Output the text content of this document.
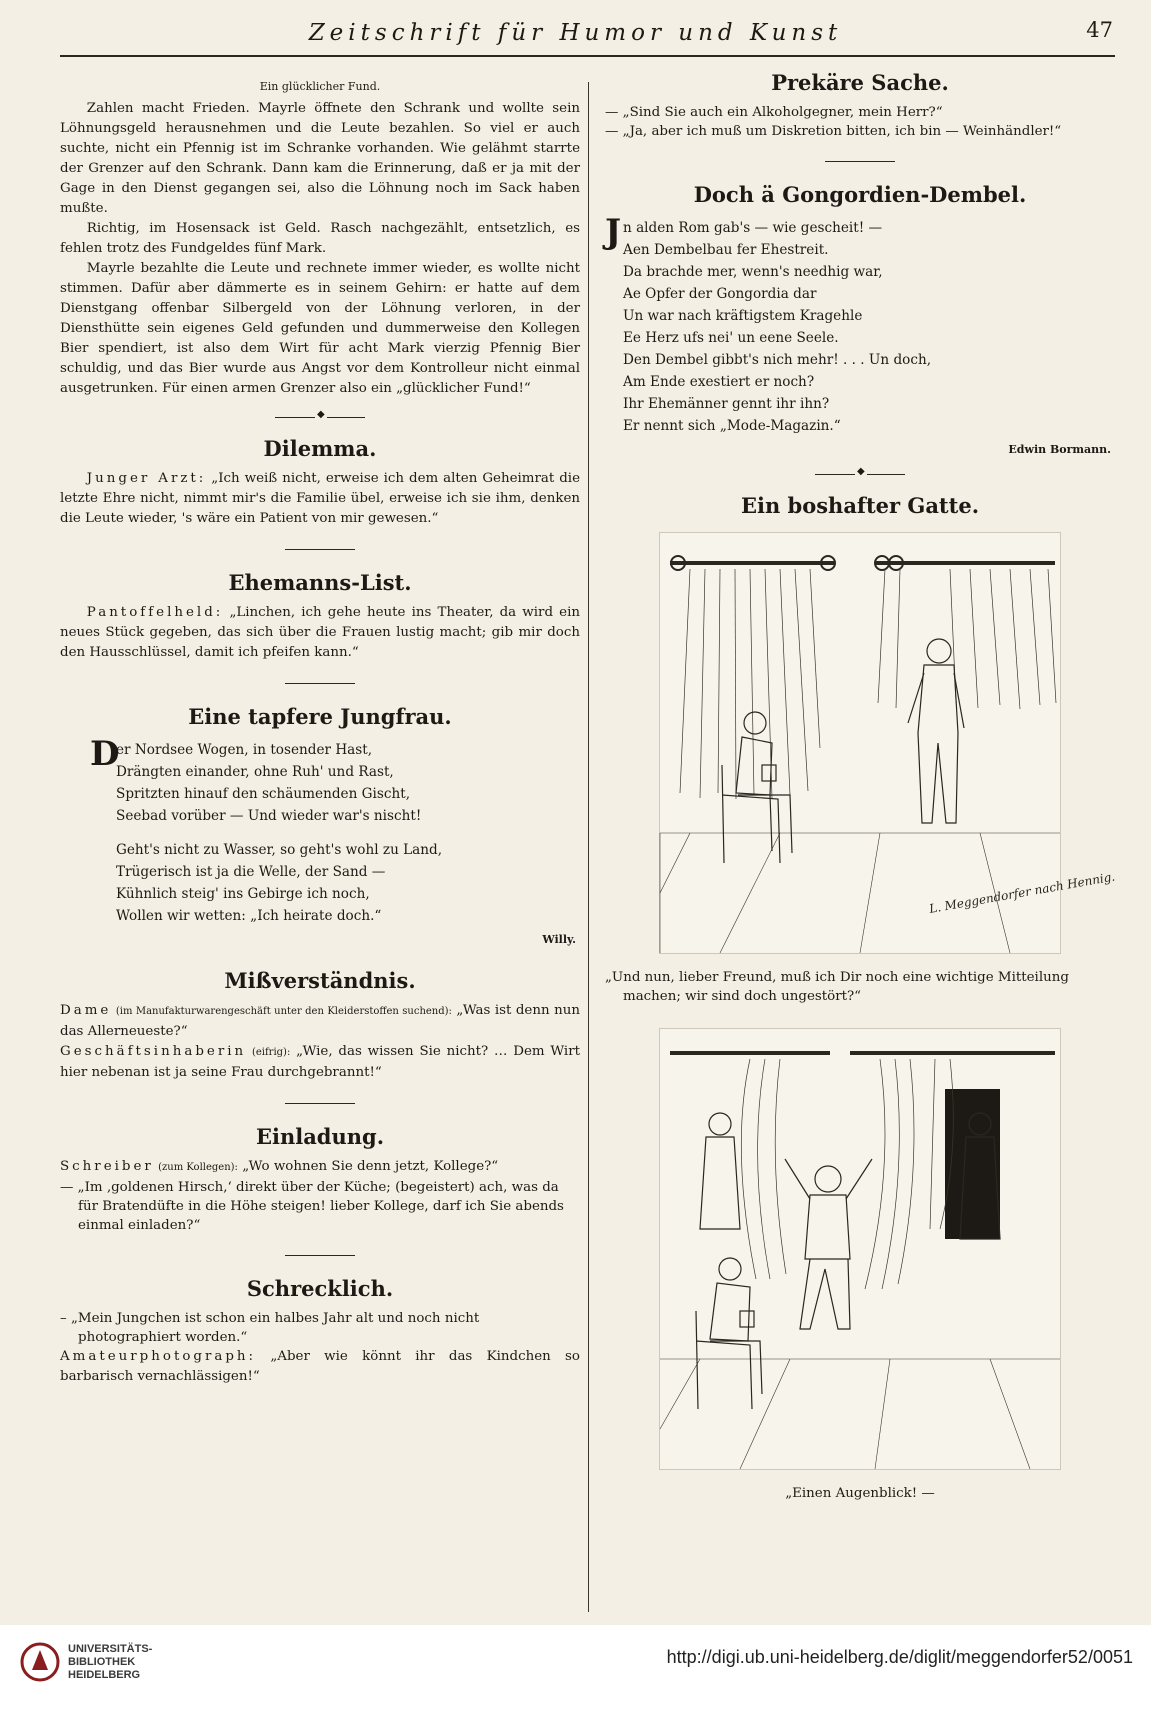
Zeitschrift für Humor und Kunst	47
Ein glücklicher Fund.

Zahlen macht Frieden. Mayrle öffnete den Schrank und wollte sein Löhnungsgeld herausnehmen und die Leute bezahlen. So viel er auch suchte, nicht ein Pfennig ist im Schranke vorhanden. Wie gelähmt starrte der Grenzer auf den Schrank. Dann kam die Erinnerung, daß er ja mit der Gage in den Dienst gegangen sei, also die Löhnung noch im Sack haben mußte.

Richtig, im Hosensack ist Geld. Rasch nachgezählt, entsetzlich, es fehlen trotz des Fundgeldes fünf Mark.

Mayrle bezahlte die Leute und rechnete immer wieder, es wollte nicht stimmen. Dafür aber dämmerte es in seinem Gehirn: er hatte auf dem Dienstgang offenbar Silbergeld von der Löhnung verloren, in der Diensthütte sein eigenes Geld gefunden und dummerweise den Kollegen Bier spendiert, ist also dem Wirt für acht Mark vierzig Pfennig Bier schuldig, und das Bier wurde aus Angst vor dem Kontrolleur nicht einmal ausgetrunken. Für einen armen Grenzer also ein „glücklicher Fund!“

◆
Dilemma.

Junger Arzt: „Ich weiß nicht, erweise ich dem alten Geheimrat die letzte Ehre nicht, nimmt mir's die Familie übel, erweise ich sie ihm, denken die Leute wieder, 's wäre ein Patient von mir gewesen.“

Ehemanns-List.

Pantoffelheld: „Linchen, ich gehe heute ins Theater, da wird ein neues Stück gegeben, das sich über die Frauen lustig macht; gib mir doch den Hausschlüssel, damit ich pfeifen kann.“

Eine tapfere Jungfrau.
D
er Nordsee Wogen, in tosender Hast,
Drängten einander, ohne Ruh' und Rast,
Spritzten hinauf den schäumenden Gischt,
Seebad vorüber — Und wieder war's nischt!
Geht's nicht zu Wasser, so geht's wohl zu Land,
Trügerisch ist ja die Welle, der Sand —
Kühnlich steig' ins Gebirge ich noch,
Wollen wir wetten: „Ich heirate doch.“
Willy.
Mißverständnis.

Dame (im Manufakturwarengeschäft unter den Kleiderstoffen suchend): „Was ist denn nun das Allerneueste?“

Geschäftsinhaberin (eifrig): „Wie, das wissen Sie nicht? … Dem Wirt hier nebenan ist ja seine Frau durchgebrannt!“

Einladung.

Schreiber (zum Kollegen): „Wo wohnen Sie denn jetzt, Kollege?“

— „Im ‚goldenen Hirsch,‘ direkt über der Küche; (begeistert) ach, was da für Bratendüfte in die Höhe steigen! lieber Kollege, darf ich Sie abends einmal einladen?“

Schrecklich.

– „Mein Jungchen ist schon ein halbes Jahr alt und noch nicht photographiert worden.“

Amateurphotograph: „Aber wie könnt ihr das Kindchen so barbarisch vernachlässigen!“

Prekäre Sache.

— „Sind Sie auch ein Alkoholgegner, mein Herr?“

— „Ja, aber ich muß um Diskretion bitten, ich bin — Weinhändler!“

Doch ä Gongordien-Dembel.
J n alden Rom gab's — wie gescheit! —
Aen Dembelbau fer Ehestreit.
Da brachde mer, wenn's needhig war,
Ae Opfer der Gongordia dar
Un war nach kräftigstem Kragehle
Ee Herz ufs nei' un eene Seele.
Den Dembel gibbt's nich mehr! . . . Un doch,
Am Ende exestiert er noch?
Ihr Ehemänner gennt ihr ihn?
Er nennt sich „Mode-Magazin.“
Edwin Bormann.
◆
Ein boshafter Gatte.
L. Meggendorfer nach Hennig.

„Und nun, lieber Freund, muß ich Dir noch eine wichtige Mitteilung machen; wir sind doch ungestört?“

„Einen Augenblick! —

UNIVERSITÄTS-
BIBLIOTHEK
HEIDELBERG
http://digi.ub.uni-heidelberg.de/diglit/meggendorfer52/0051
